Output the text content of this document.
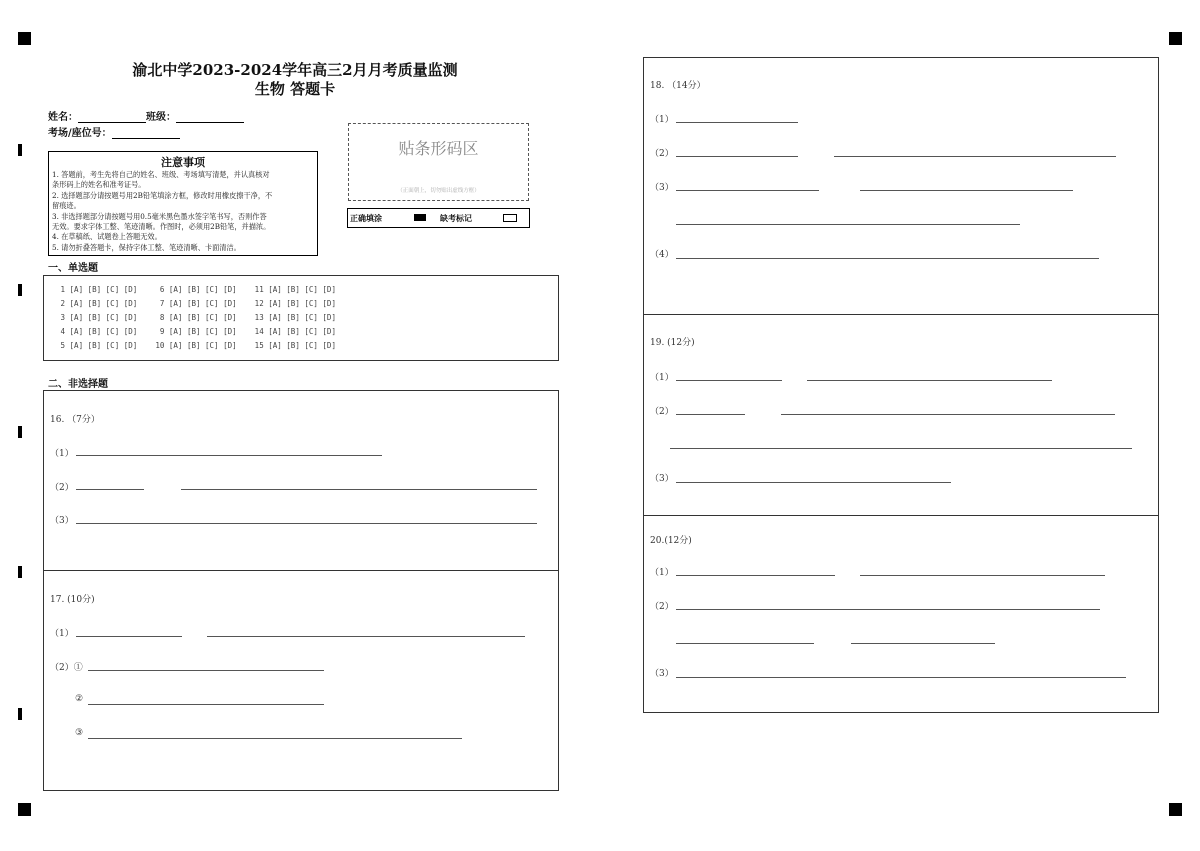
渝北中学2023-2024学年高三2月月考质量监测
生物 答题卡
姓名：	班级：
考场/座位号：
注意事项
1. 答题前，考生先将自己的姓名、班级、考场填写清楚，并认真核对
条形码上的姓名和准考证号。
2. 选择题部分请按题号用2B铅笔填涂方框，修改时用橡皮擦干净，不
留痕迹。
3. 非选择题部分请按题号用0.5毫米黑色墨水签字笔书写，否则作答
无效。要求字体工整、笔迹清晰。作图时，必须用2B铅笔，并描浓。
4. 在草稿纸、试题卷上答题无效。
5. 请勿折叠答题卡，保持字体工整、笔迹清晰、卡面清洁。
贴条形码区
（正面朝上，切勿贴出虚线方框）
正确填涂	缺考标记
一、单选题
1 [A] [B] [C] [D]     6 [A] [B] [C] [D]    11 [A] [B] [C] [D]
2 [A] [B] [C] [D]     7 [A] [B] [C] [D]    12 [A] [B] [C] [D]
3 [A] [B] [C] [D]     8 [A] [B] [C] [D]    13 [A] [B] [C] [D]
4 [A] [B] [C] [D]     9 [A] [B] [C] [D]    14 [A] [B] [C] [D]
5 [A] [B] [C] [D]    10 [A] [B] [C] [D]    15 [A] [B] [C] [D]
二、非选择题
16. （7分）
（1）
（2）
（3）
17. (10分)
（1）
（2）①
②
③
18. （14分）
（1）
（2）
（3）
（4）
19. (12分)
（1）
（2）
（3）
20.(12分)
（1）
（2）
（3）
